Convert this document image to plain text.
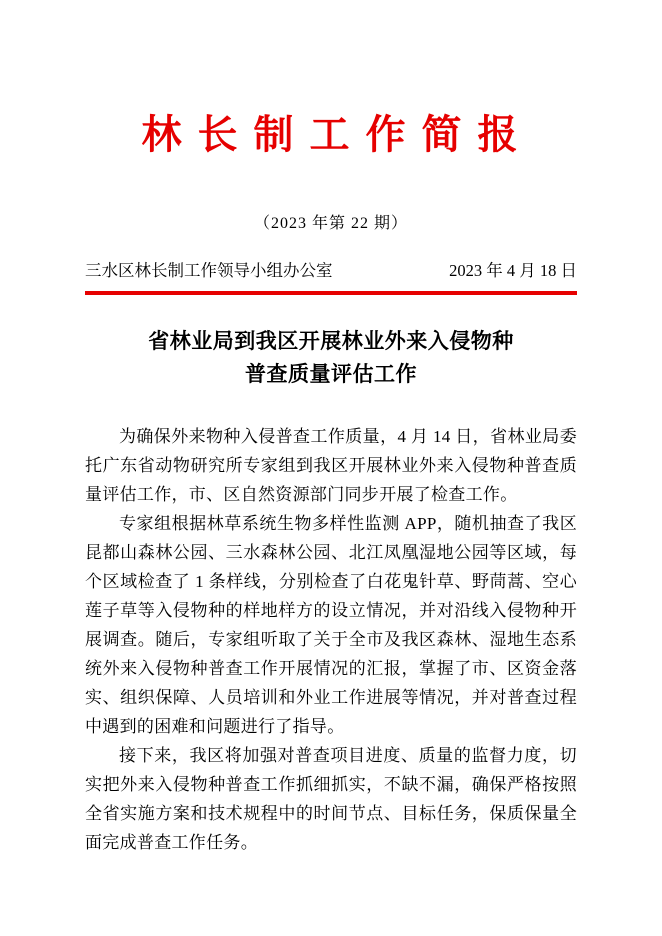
林 长 制 工 作 简 报
（2023 年第 22 期）
三水区林长制工作领导小组办公室	2023 年 4 月 18 日
省林业局到我区开展林业外来入侵物种
普查质量评估工作

为确保外来物种入侵普查工作质量，4 月 14 日，省林业局委托广东省动物研究所专家组到我区开展林业外来入侵物种普查质量评估工作，市、区自然资源部门同步开展了检查工作。

专家组根据林草系统生物多样性监测 APP，随机抽查了我区昆都山森林公园、三水森林公园、北江凤凰湿地公园等区域，每个区域检查了 1 条样线，分别检查了白花鬼针草、野茼蒿、空心莲子草等入侵物种的样地样方的设立情况，并对沿线入侵物种开展调查。随后，专家组听取了关于全市及我区森林、湿地生态系统外来入侵物种普查工作开展情况的汇报，掌握了市、区资金落实、组织保障、人员培训和外业工作进展等情况，并对普查过程中遇到的困难和问题进行了指导。

接下来，我区将加强对普查项目进度、质量的监督力度，切实把外来入侵物种普查工作抓细抓实，不缺不漏，确保严格按照全省实施方案和技术规程中的时间节点、目标任务，保质保量全面完成普查工作任务。
